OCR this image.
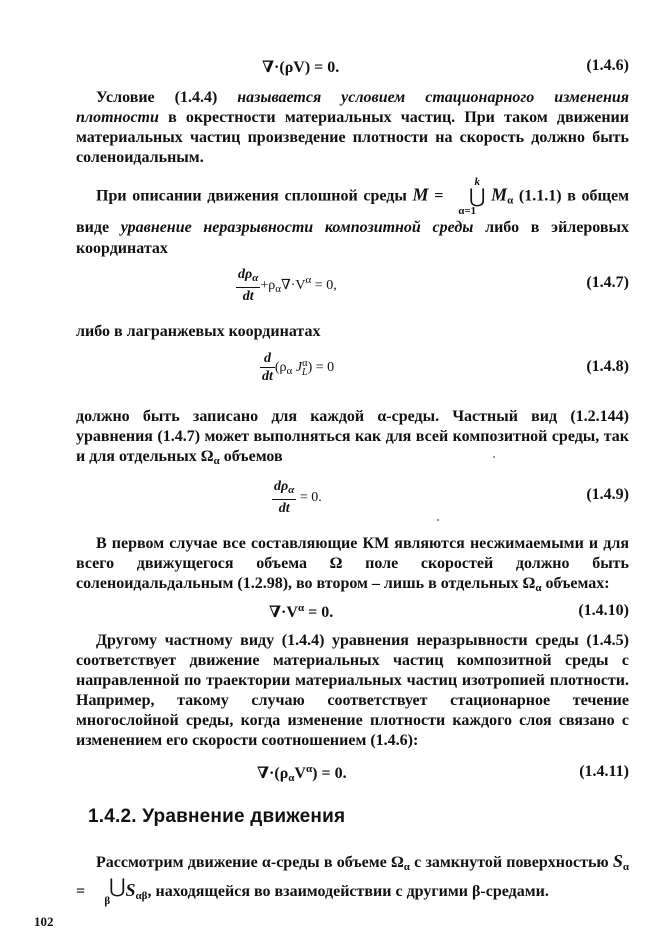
∇·(ρV) = 0.	(1.4.6)

Условие (1.4.4) называется условием стационарного изменения плотности в окрестности материальных частиц. При таком движении материальных частиц произведение плотности на скорость должно быть соленоидальным.

При описании движения сплошной среды M = k
⋃
α=1 $M_\alpha$ (1.1.1) в общем виде уравнение неразрывности композитной среды либо в эйлеровых координатах

$\frac{d\rho_\alpha}{dt} +\rho_\alpha\nabla\cdot V^\alpha = 0$,	(1.4.7)

либо в лагранжевых координатах

$\frac{d}{dt} (\rho_\alpha$ J α
L ) = 0	(1.4.8)

должно быть записано для каждой α-среды. Частный вид (1.2.144) уравнения (1.4.7) может выполняться как для всей композитной среды, так и для отдельных $\Omega_\alpha$ объемов

$\frac{d\rho_\alpha}{dt} = 0$.	(1.4.9)

В первом случае все составляющие КМ являются несжимаемыми и для всего движущегося объема Ω поле скоростей должно быть соленоидальдальным (1.2.98), во втором – лишь в отдельных $\Omega_\alpha$ объемах:

$\nabla\cdot V^\alpha = 0$.	(1.4.10)

Другому частному виду (1.4.4) уравнения неразрывности среды (1.4.5) соответствует движение материальных частиц композитной среды с направленной по траектории материальных частиц изотропией плотности. Например, такому случаю соответствует стационарное течение многослойной среды, когда изменение плотности каждого слоя связано с изменением его скорости соотношением (1.4.6):

$\nabla\cdot(\rho_\alpha V^\alpha) = 0$.	(1.4.11)
1.4.2. Уравнение движения

Рассмотрим движение α-среды в объеме $\Omega_\alpha$ с замкнутой поверхностью $S_\alpha$ =	⋃
$\beta S_{\alpha\beta}$, находящейся во взаимодействии с другими β-средами.

102
